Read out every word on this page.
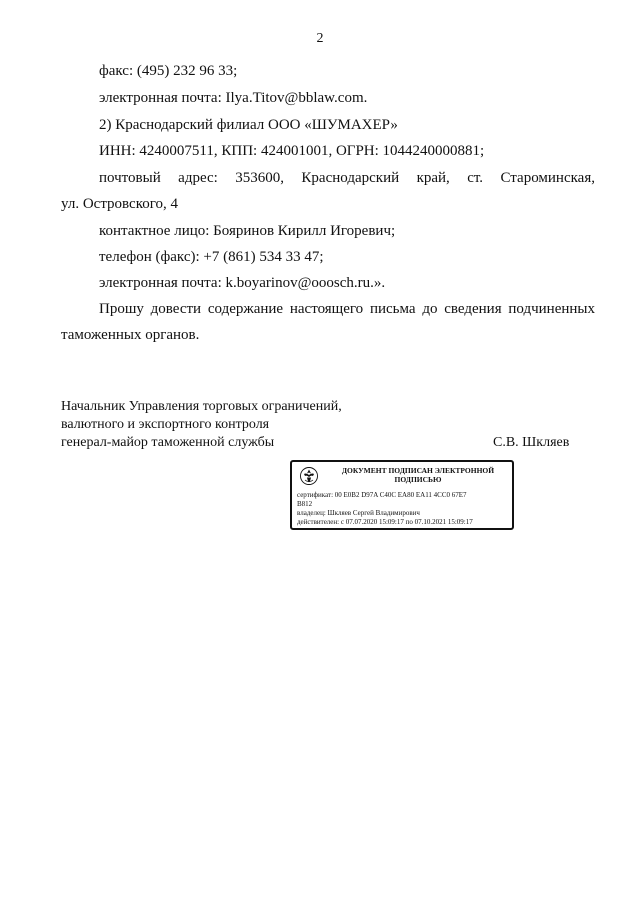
2
факс: (495) 232 96 33;
электронная почта: Ilya.Titov@bblaw.com.
2) Краснодарский филиал ООО «ШУМАХЕР»
ИНН: 4240007511, КПП: 424001001, ОГРН: 1044240000881;
почтовый адрес: 353600, Краснодарский край, ст. Староминская,
ул. Островского, 4
контактное лицо: Бояринов Кирилл Игоревич;
телефон (факс): +7 (861) 534 33 47;
электронная почта: k.boyarinov@ooosch.ru.».
Прошу довести содержание настоящего письма до сведения подчиненных
таможенных органов.
Начальник Управления торговых ограничений,
валютного и экспортного контроля
генерал-майор таможенной службы	С.В. Шкляев
ДОКУМЕНТ ПОДПИСАН ЭЛЕКТРОННОЙ
ПОДПИСЬЮ
сертификат: 00 E0B2 D97A C40C EA80 EA11 4CC0 67E7
B812
владелец: Шкляев Сергей Владимирович
действителен: с 07.07.2020 15:09:17 по 07.10.2021 15:09:17
